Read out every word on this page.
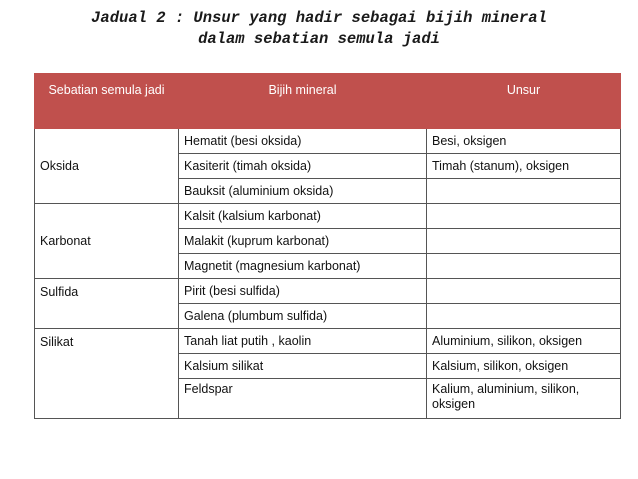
Jadual 2 : Unsur yang hadir sebagai bijih mineral
dalam sebatian semula jadi
Sebatian semula jadi	Bijih mineral	Unsur
Oksida	Hematit (besi oksida)	Besi, oksigen
	Kasiterit (timah oksida)	Timah (stanum), oksigen
	Bauksit (aluminium oksida)	
Karbonat	Kalsit (kalsium karbonat)	
	Malakit (kuprum karbonat)	
	Magnetit (magnesium karbonat)	
Sulfida	Pirit (besi sulfida)	
	Galena (plumbum sulfida)	
Silikat	Tanah liat putih , kaolin	Aluminium, silikon, oksigen
	Kalsium silikat	Kalsium, silikon, oksigen
	Feldspar	Kalium, aluminium, silikon, oksigen
